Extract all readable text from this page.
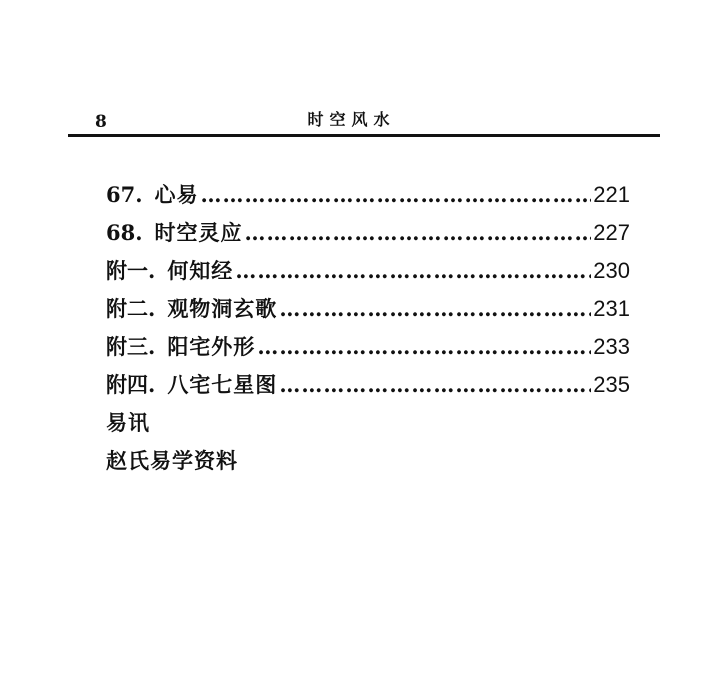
8	时空风水
67. 心易 ……………………………………………………………………………………………………………………	221
68. 时空灵应 ……………………………………………………………………………………………………………………	227
附一. 何知经 ……………………………………………………………………………………………………………………	230
附二. 观物洞玄歌 ……………………………………………………………………………………………………………………	231
附三. 阳宅外形 ……………………………………………………………………………………………………………………	233
附四. 八宅七星图 ……………………………………………………………………………………………………………………	235
易讯
赵氏易学资料
